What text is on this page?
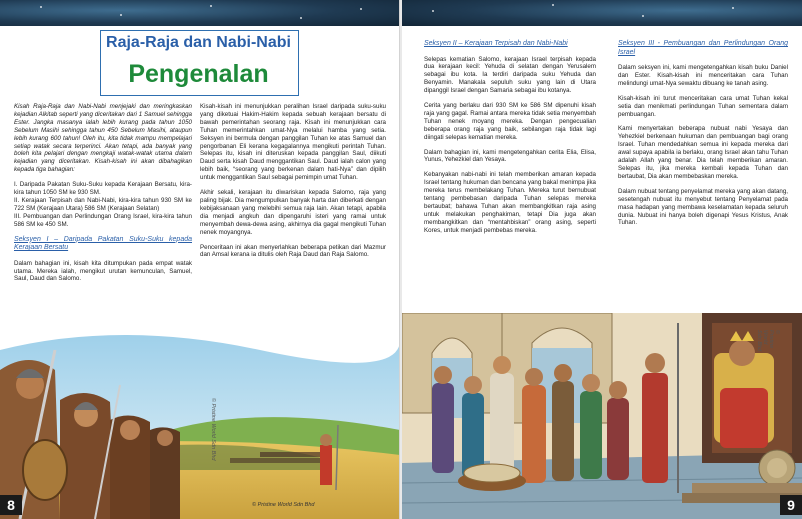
Raja-Raja dan Nabi-Nabi
Pengenalan

Kisah Raja-Raja dan Nabi-Nabi menjejaki dan meringkaskan kejadian Alkitab seperti yang diceritakan dari 1 Samuel sehingga Ester. Jangka masanya ialah lebih kurang pada tahun 1050 Sebelum Masihi sehingga tahun 450 Sebelum Masihi, ataupun lebih kurang 600 tahun! Oleh itu, kita tidak mampu mempelajari setiap watak secara terperinci. Akan tetapi, ada banyak yang boleh kita pelajari dengan mengkaji watak-watak utama dalam kejadian yang diceritakan. Kisah-kisah ini akan dibahagikan kepada tiga bahagian:

I. Daripada Pakatan Suku-Suku kepada Kerajaan Bersatu, kira-kira tahun 1050 SM ke 930 SM.

II. Kerajaan Terpisah dan Nabi-Nabi, kira-kira tahun 930 SM ke 722 SM (Kerajaan Utara) 586 SM (Kerajaan Selatan)

III. Pembuangan dan Perlindungan Orang Israel, kira-kira tahun 586 SM ke 450 SM.

Seksyen I – Daripada Pakatan Suku-Suku kepada Kerajaan Bersatu

Dalam bahagian ini, kisah kita ditumpukan pada empat watak utama. Mereka ialah, mengikut urutan kemunculan, Samuel, Saul, Daud dan Salomo.

Kisah-kisah ini menunjukkan peralihan Israel daripada suku-suku yang diketuai Hakim-Hakim kepada sebuah kerajaan bersatu di bawah pemerintahan seorang raja. Kisah ini menunjukkan cara Tuhan memerintahkan umat-Nya melalui hamba yang setia. Seksyen ini bermula dengan panggilan Tuhan ke atas Samuel dan pengorbanan Eli kerana kegagalannya mengikuti perintah Tuhan. Selepas itu, kisah ini diteruskan kepada panggilan Saul, diikuti Daud serta kisah Daud menggantikan Saul. Daud ialah calon yang lebih baik, “seorang yang berkenan dalam hati-Nya” dan dipilih untuk menggantikan Saul sebagai pemimpin umat Tuhan.

Akhir sekali, kerajaan itu diwariskan kepada Salomo, raja yang paling bijak. Dia mengumpulkan banyak harta dan diberkati dengan kebijaksanaan yang melebihi semua raja lain. Akan tetapi, apabila dia menjadi angkuh dan dipengaruhi isteri yang ramai untuk menyembah dewa-dewa asing, akhirnya dia gagal mengikuti Tuhan nenek moyangnya.

Penceritaan ini akan menyerlahkan beberapa petikan dari Mazmur dan Amsal kerana ia ditulis oleh Raja Daud dan Raja Salomo.

© Pristine World Sdn Bhd
© Pristine World Sdn Bhd
8

Seksyen II – Kerajaan Terpisah dan Nabi-Nabi

Selepas kematian Salomo, kerajaan Israel terpisah kepada dua kerajaan kecil: Yehuda di selatan dengan Yerusalem sebagai ibu kota. Ia terdiri daripada suku Yehuda dan Benyamin. Manakala sepuluh suku yang lain di Utara dipanggil Israel dengan Samaria sebagai ibu kotanya.

Cerita yang berlaku dari 930 SM ke 586 SM dipenuhi kisah raja yang gagal. Ramai antara mereka tidak setia menyembah Tuhan nenek moyang mereka. Dengan pengecualian beberapa orang raja yang baik, sebilangan raja tidak lagi diingati selepas kematian mereka.

Dalam bahagian ini, kami mengetengahkan cerita Elia, Elisa, Yunus, Yehezkiel dan Yesaya.

Kebanyakan nabi-nabi ini telah memberikan amaran kepada Israel tentang hukuman dan bencana yang bakal menimpa jika mereka terus membelakang Tuhan. Mereka turut bernubuat tentang pembebasan daripada Tuhan selepas mereka bertaubat; bahawa Tuhan akan membangkitkan raja asing untuk melakukan penghakiman, tetapi Dia juga akan membangkitkan dan “mentahbiskan” orang asing, seperti Kores, untuk menjadi pembebas mereka.

Seksyen III - Pembuangan dan Perlindungan Orang Israel

Dalam seksyen ini, kami mengetengahkan kisah buku Daniel dan Ester. Kisah-kisah ini menceritakan cara Tuhan melindungi umat-Nya sewaktu dibuang ke tanah asing.

Kisah-kisah ini turut menceritakan cara umat Tuhan kekal setia dan menikmati perlindungan Tuhan sementara dalam pembuangan.

Kami menyertakan beberapa nubuat nabi Yesaya dan Yehezkiel berkenaan hukuman dan pembuangan bagi orang Israel. Tuhan mendedahkan semua ini kepada mereka dari awal supaya apabila ia berlaku, orang Israel akan tahu Tuhan adalah Allah yang benar. Dia telah memberikan amaran. Selepas itu, jika mereka kembali kepada Tuhan dan bertaubat, Dia akan membebaskan mereka.

Dalam nubuat tentang penyelamat mereka yang akan datang, sesetengah nubuat itu menyebut tentang Penyelamat pada masa hadapan yang membawa keselamatan kepada seluruh dunia. Nubuat ini hanya boleh digenapi Yesus Kristus, Anak Tuhan.

© Pristine World Sdn Bhd
9
